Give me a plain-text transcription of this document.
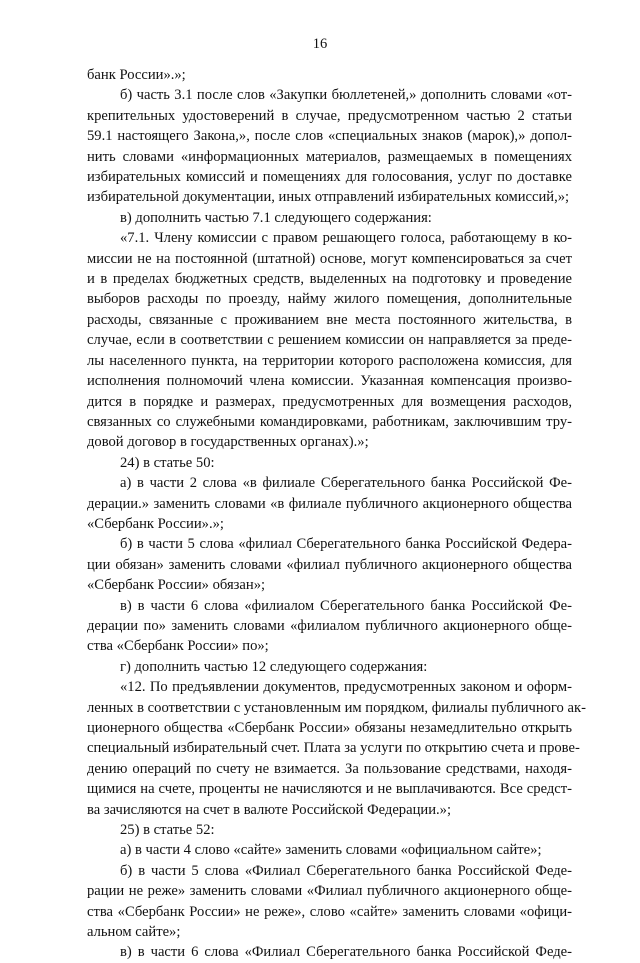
16
банк России».»;
б) часть 3.1 после слов «Закупки бюллетеней,» дополнить словами «от-
крепительных удостоверений в случае, предусмотренном частью 2 статьи
59.1 настоящего Закона,», после слов «специальных знаков (марок),» допол-
нить словами «информационных материалов, размещаемых в помещениях
избирательных комиссий и помещениях для голосования, услуг по доставке
избирательной документации, иных отправлений избирательных комиссий,»;
в) дополнить частью 7.1 следующего содержания:
«7.1. Члену комиссии с правом решающего голоса, работающему в ко-
миссии не на постоянной (штатной) основе, могут компенсироваться за счет
и в пределах бюджетных средств, выделенных на подготовку и проведение
выборов расходы по проезду, найму жилого помещения, дополнительные
расходы, связанные с проживанием вне места постоянного жительства, в
случае, если в соответствии с решением комиссии он направляется за преде-
лы населенного пункта, на территории которого расположена комиссия, для
исполнения полномочий члена комиссии. Указанная компенсация произво-
дится в порядке и размерах, предусмотренных для возмещения расходов,
связанных со служебными командировками, работникам, заключившим тру-
довой договор в государственных органах).»;
24) в статье 50:
а) в части 2 слова «в филиале Сберегательного банка Российской Фе-
дерации.» заменить словами «в филиале публичного акционерного общества
«Сбербанк России».»;
б) в части 5 слова «филиал Сберегательного банка Российской Федера-
ции обязан» заменить словами «филиал публичного акционерного общества
«Сбербанк России» обязан»;
в) в части 6 слова «филиалом Сберегательного банка Российской Фе-
дерации по» заменить словами «филиалом публичного акционерного обще-
ства «Сбербанк России» по»;
г) дополнить частью 12 следующего содержания:
«12. По предъявлении документов, предусмотренных законом и оформ-
ленных в соответствии с установленным им порядком, филиалы публичного ак-
ционерного общества «Сбербанк России» обязаны незамедлительно открыть
специальный избирательный счет. Плата за услуги по открытию счета и прове-
дению операций по счету не взимается. За пользование средствами, находя-
щимися на счете, проценты не начисляются и не выплачиваются. Все средст-
ва зачисляются на счет в валюте Российской Федерации.»;
25) в статье 52:
а) в части 4 слово «сайте» заменить словами «официальном сайте»;
б) в части 5 слова «Филиал Сберегательного банка Российской Феде-
рации не реже» заменить словами «Филиал публичного акционерного обще-
ства «Сбербанк России» не реже», слово «сайте» заменить словами «офици-
альном сайте»;
в) в части 6 слова «Филиал Сберегательного банка Российской Феде-
